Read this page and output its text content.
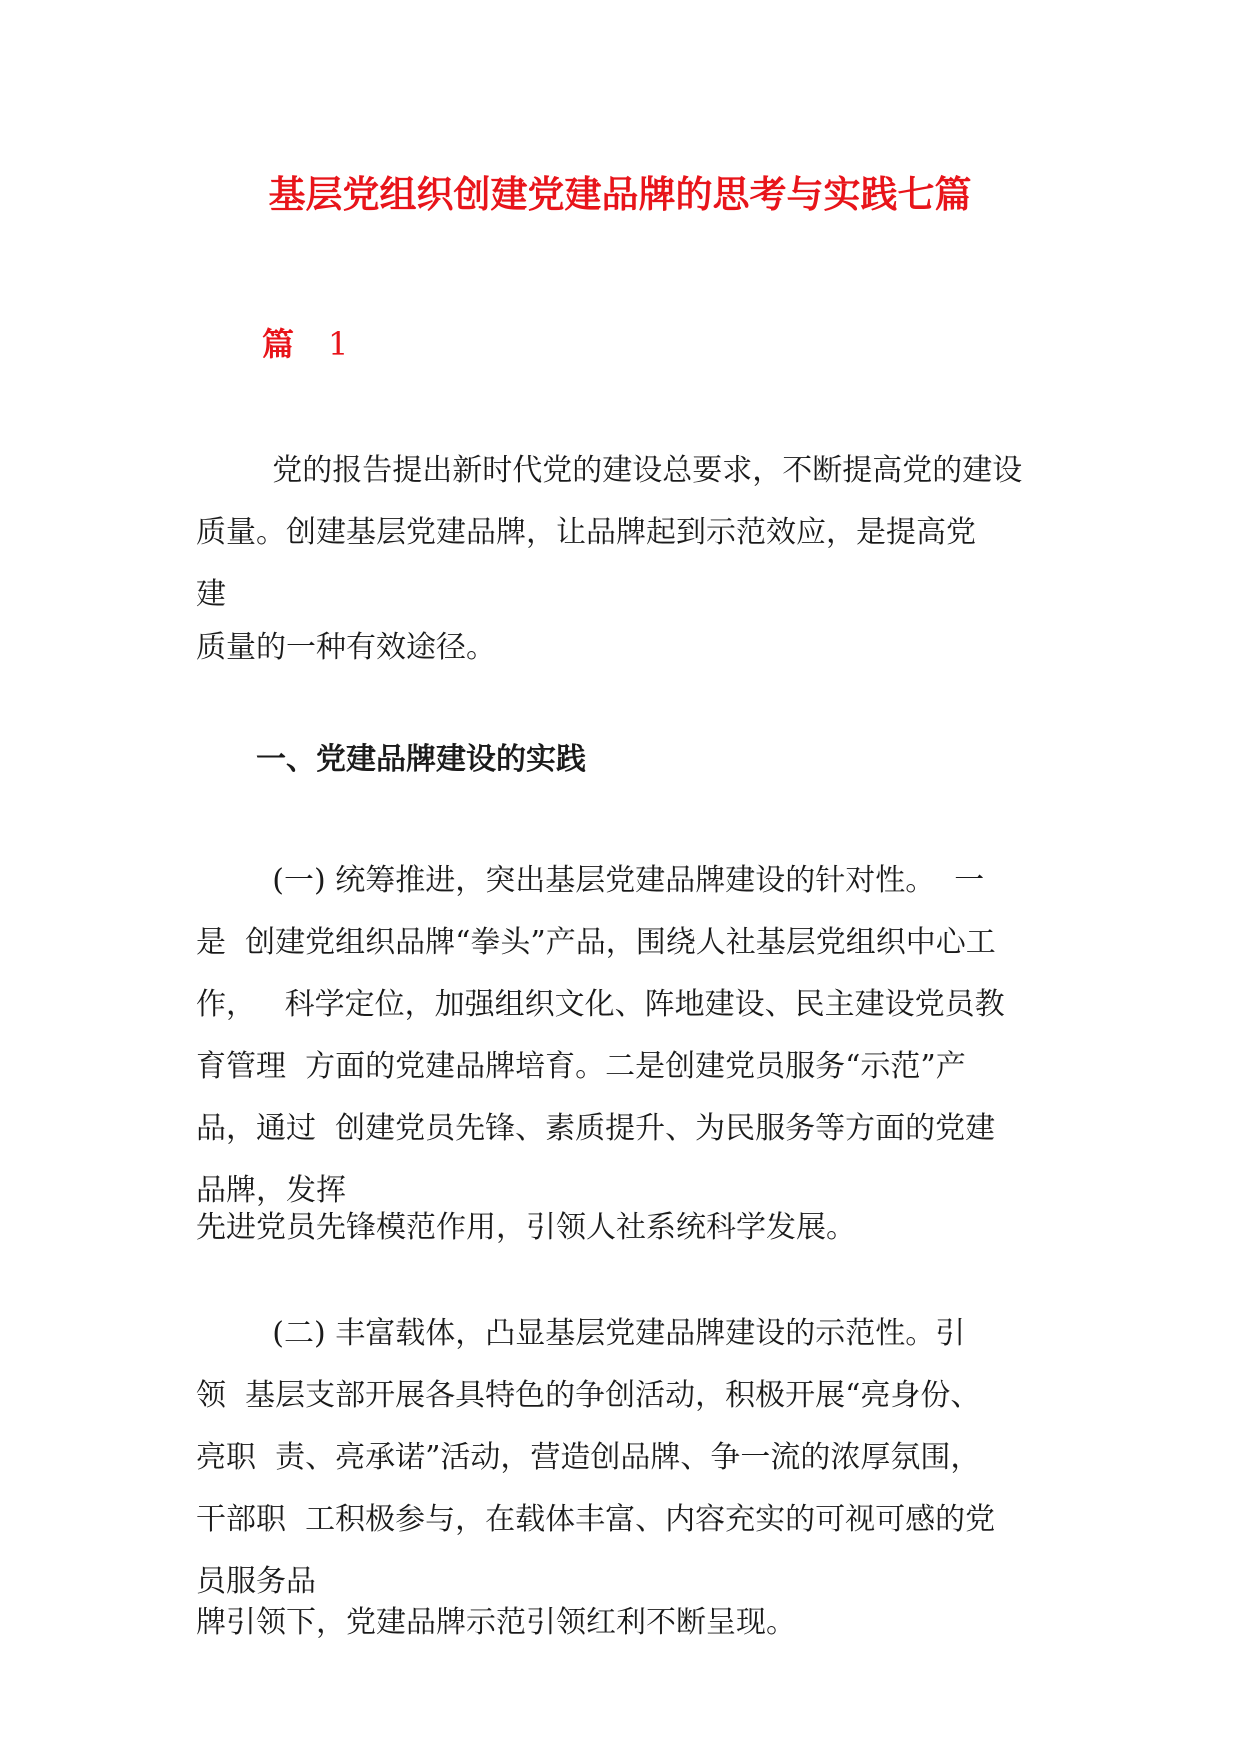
基层党组织创建党建品牌的思考与实践七篇
篇 1
党的报告提出新时代党的建设总要求，不断提高党的建设
质量。创建基层党建品牌，让品牌起到示范效应，是提高党
建
质量的一种有效途径。
一、党建品牌建设的实践
(一) 统筹推进，突出基层党建品牌建设的针对性。  一
是  创建党组织品牌“拳头”产品，围绕人社基层党组织中心工
作，   科学定位，加强组织文化、阵地建设、民主建设党员教
育管理  方面的党建品牌培育。二是创建党员服务“示范”产
品，通过  创建党员先锋、素质提升、为民服务等方面的党建
品牌，发挥
先进党员先锋模范作用，引领人社系统科学发展。
(二) 丰富载体，凸显基层党建品牌建设的示范性。引
领  基层支部开展各具特色的争创活动，积极开展“亮身份、
亮职  责、亮承诺”活动，营造创品牌、争一流的浓厚氛围，
干部职  工积极参与，在载体丰富、内容充实的可视可感的党
员服务品
牌引领下，党建品牌示范引领红利不断呈现。
